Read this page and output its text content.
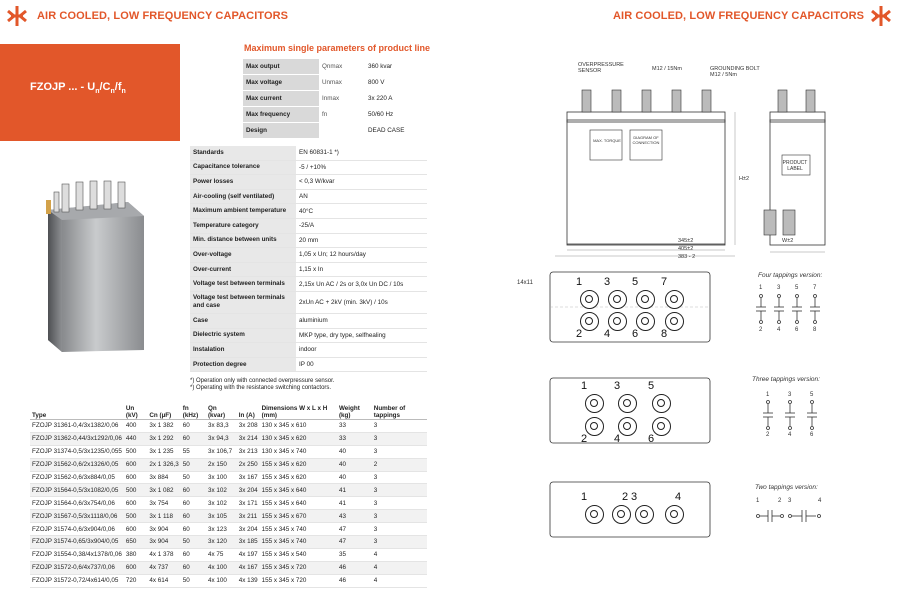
AIR COOLED, LOW FREQUENCY CAPACITORS	AIR COOLED, LOW FREQUENCY CAPACITORS
FZOJP ... - $U_n/C_n/f_n$
Maximum single parameters of product line
Max output	Qnmax	360 kvar
Max voltage	Unmax	800 V
Max current	Inmax	3x 220 A
Max frequency	fn	50/60 Hz
Design		DEAD CASE
Standards	EN 60831-1 *)
Capacitance tolerance	-5 / +10%
Power losses	< 0,3 W/kvar
Air-cooling (self ventilated)	AN
Maximum ambient temperature	40°C
Temperature category	-25/A
Min. distance between units	20 mm
Over-voltage	1,05 x Un; 12 hours/day
Over-current	1,15 x In
Voltage test between terminals	2,15x Un AC / 2s or 3,0x Un DC / 10s
Voltage test between terminals and case	2xUn AC + 2kV (min. 3kV) / 10s
Case	aluminium
Dielectric system	MKP type, dry type, selfhealing
Instalation	indoor
Protection degree	IP 00
*) Operation only with connected overpressure sensor.
*) Operating with the resistance switching contactors.
Type	Un (kV)	Cn (µF)	fn (kHz)	Qn (kvar)	In (A)	Dimensions W x L x H (mm)	Weight (kg)	Number of tappings
FZOJP 31361-0,4/3x1382/0,06	400	3x 1 382	60	3x 83,3	3x 208	130 x 345 x 610	33	3
FZOJP 31362-0,44/3x1292/0,06	440	3x 1 292	60	3x 94,3	3x 214	130 x 345 x 620	33	3
FZOJP 31374-0,5/3x1235/0,055	500	3x 1 235	55	3x 106,7	3x 213	130 x 345 x 740	40	3
FZOJP 31562-0,6/2x1326/0,05	600	2x 1 326,3	50	2x 150	2x 250	155 x 345 x 620	40	2
FZOJP 31562-0,6/3x884/0,05	600	3x 884	50	3x 100	3x 167	155 x 345 x 620	40	3
FZOJP 31564-0,5/3x1082/0,05	500	3x 1 082	60	3x 102	3x 204	155 x 345 x 640	41	3
FZOJP 31564-0,6/3x754/0,06	600	3x 754	60	3x 102	3x 171	155 x 345 x 640	41	3
FZOJP 31567-0,5/3x1118/0,06	500	3x 1 118	60	3x 105	3x 211	155 x 345 x 670	43	3
FZOJP 31574-0,6/3x904/0,06	600	3x 904	60	3x 123	3x 204	155 x 345 x 740	47	3
FZOJP 31574-0,65/3x904/0,05	650	3x 904	50	3x 120	3x 185	155 x 345 x 740	47	3
FZOJP 31554-0,38/4x1378/0,06	380	4x 1 378	60	4x 75	4x 197	155 x 345 x 540	35	4
FZOJP 31572-0,6/4x737/0,06	600	4x 737	60	4x 100	4x 167	155 x 345 x 720	46	4
FZOJP 31572-0,72/4x614/0,05	720	4x 614	50	4x 100	4x 139	155 x 345 x 720	46	4
OVERPRESSURE SENSOR	M12 / 15Nm	GROUNDING BOLT M12 / 5Nm
MAX. TORQUE
DIAGRAM OF CONNECTION
PRODUCT LABEL
345±2
405±2
383 - 2
H±2
W±2
14x11	1 3 5 7
2 4 6 8
1 3	5
2 4	6
1	2 3	4
Four tappings version:
Three tappings version:
Two tappings version:
1
2
3
4
5
6
7
8
1
2
3
4
5
6
1	2 3	4
